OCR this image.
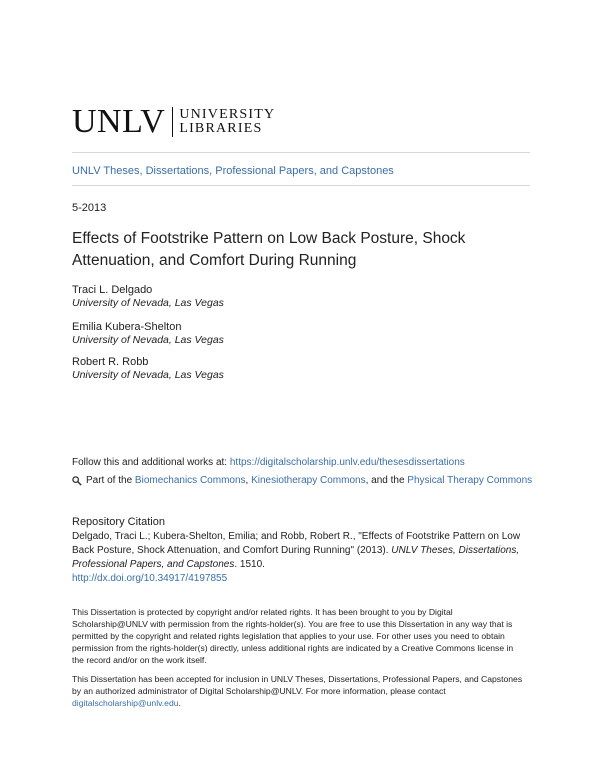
UNLV UNIVERSITY
LIBRARIES
UNLV Theses, Dissertations, Professional Papers, and Capstones
5-2013
Effects of Footstrike Pattern on Low Back Posture, Shock Attenuation, and Comfort During Running
Traci L. Delgado
University of Nevada, Las Vegas
Emilia Kubera-Shelton
University of Nevada, Las Vegas
Robert R. Robb
University of Nevada, Las Vegas
Follow this and additional works at: https://digitalscholarship.unlv.edu/thesesdissertations
Part of the Biomechanics Commons , Kinesiotherapy Commons , and the Physical Therapy Commons
Repository Citation
Delgado, Traci L.; Kubera-Shelton, Emilia; and Robb, Robert R., "Effects of Footstrike Pattern on Low Back Posture, Shock Attenuation, and Comfort During Running" (2013). UNLV Theses, Dissertations, Professional Papers, and Capstones. 1510.
http://dx.doi.org/10.34917/4197855
This Dissertation is protected by copyright and/or related rights. It has been brought to you by Digital Scholarship@UNLV with permission from the rights-holder(s). You are free to use this Dissertation in any way that is permitted by the copyright and related rights legislation that applies to your use. For other uses you need to obtain permission from the rights-holder(s) directly, unless additional rights are indicated by a Creative Commons license in the record and/or on the work itself.
This Dissertation has been accepted for inclusion in UNLV Theses, Dissertations, Professional Papers, and Capstones by an authorized administrator of Digital Scholarship@UNLV. For more information, please contact digitalscholarship@unlv.edu.
